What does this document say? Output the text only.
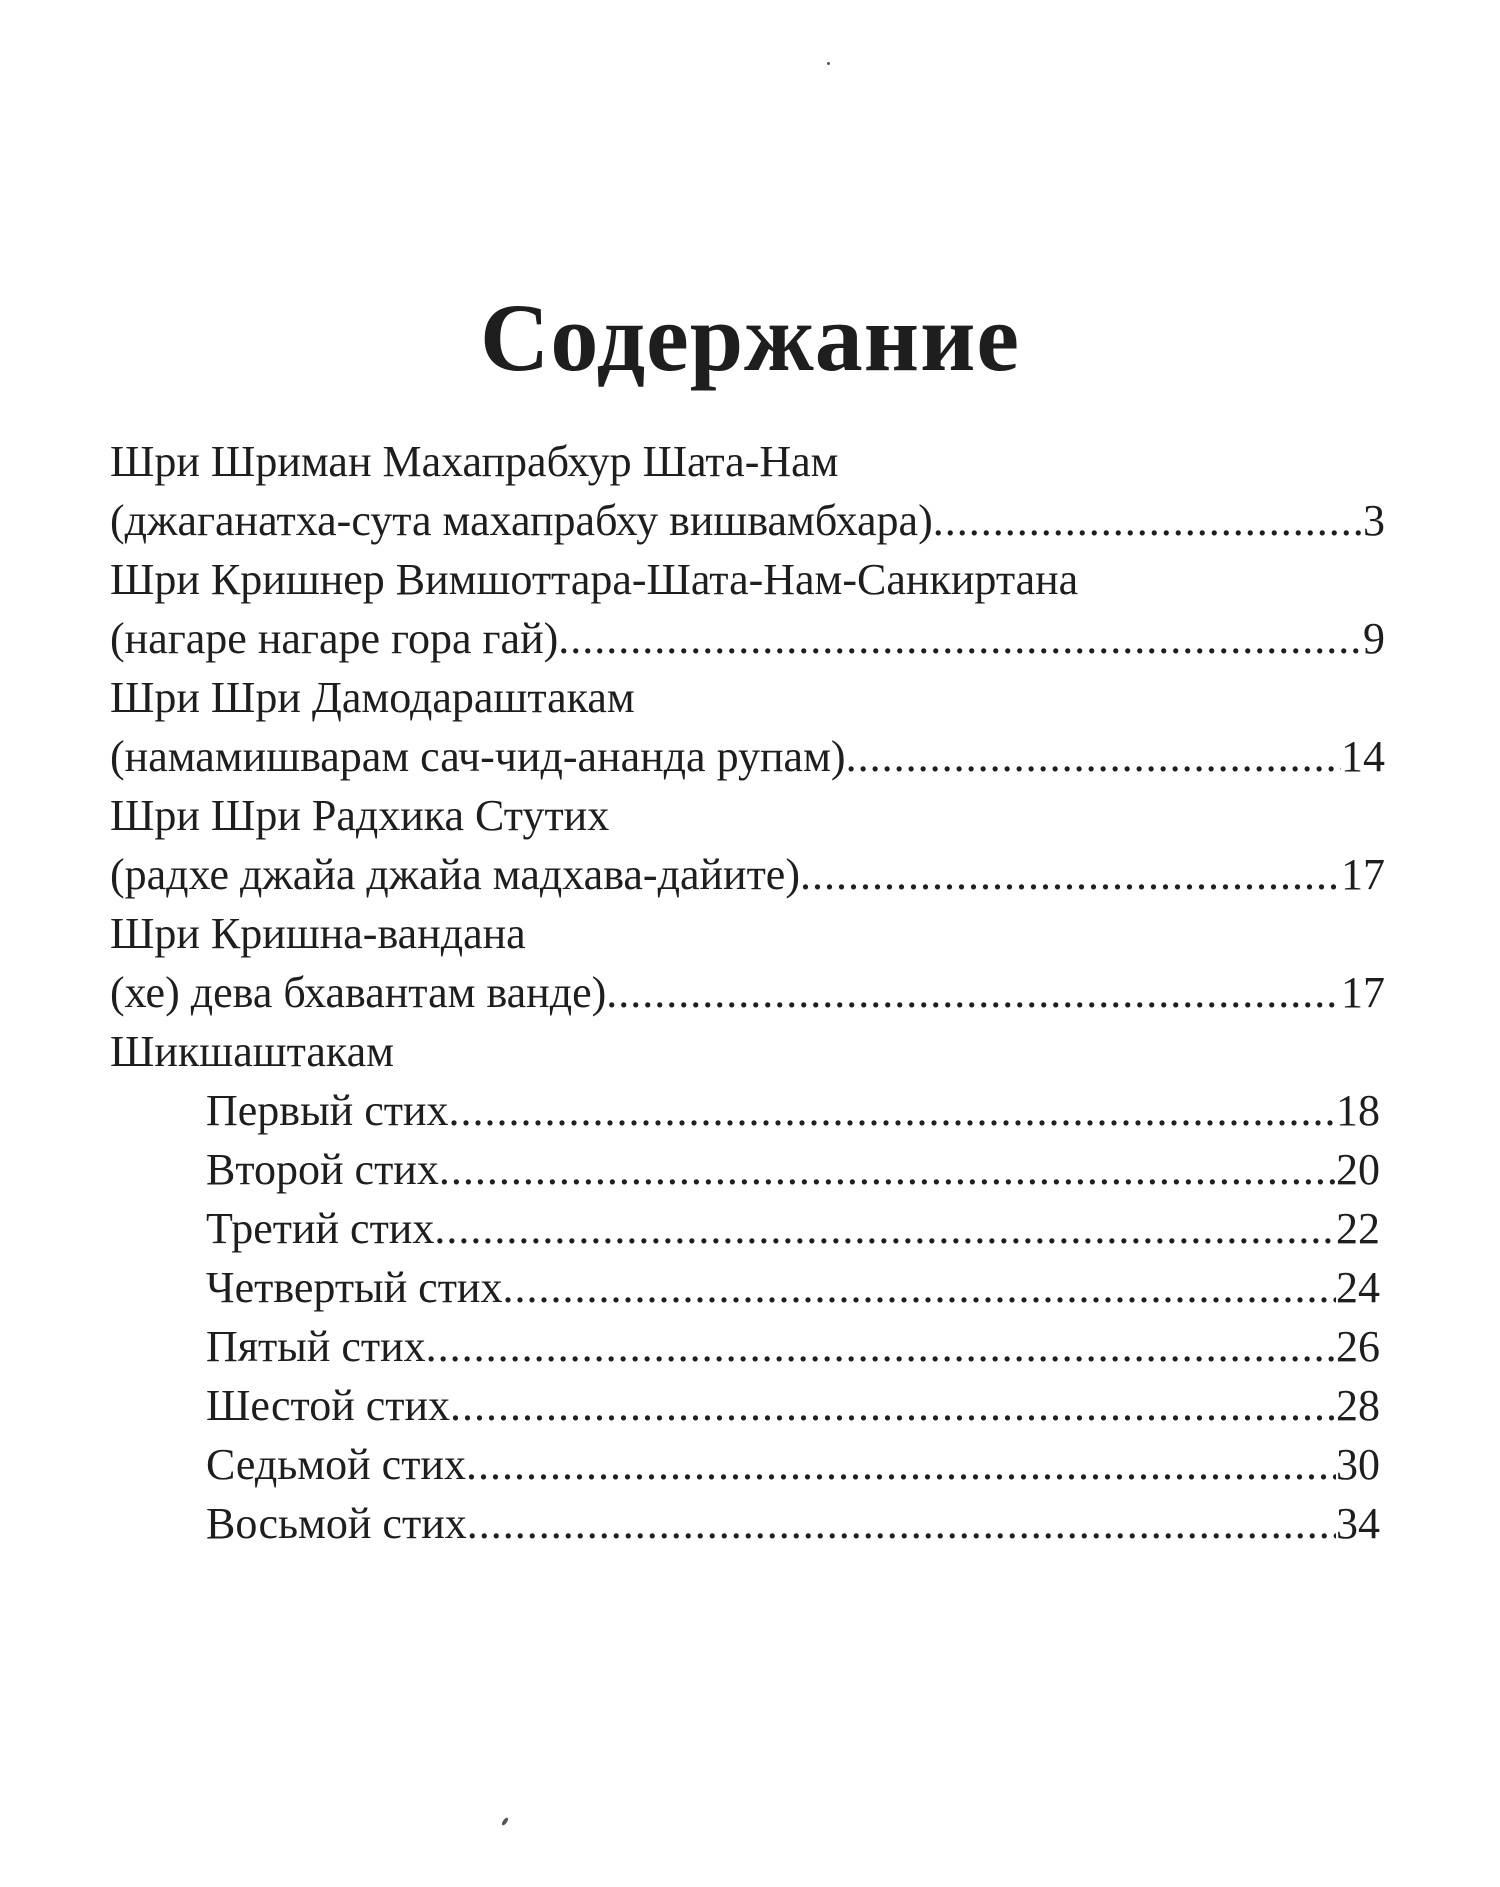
Содержание
Шри Шриман Махапрабхур Шата-Нам
(джаганатха-сута махапрабху вишвамбхара) .....	3
Шри Кришнер Вимшоттара-Шата-Нам-Санкиртана
(нагаре нагаре гора гай) .....	9
Шри Шри Дамодараштакам
(намамишварам сач-чид-ананда рупам) .....	14
Шри Шри Радхика Стутих
(радхе джайа джайа мадхава-дайите) .....	17
Шри Кришна-вандана
(хе) дева бхавантам ванде) .....	17
Шикшаштакам
Первый стих .....	18
Второй стих .....	20
Третий стих .....	22
Четвертый стих .....	24
Пятый стих .....	26
Шестой стих .....	28
Седьмой стих .....	30
Восьмой стих .....	34
